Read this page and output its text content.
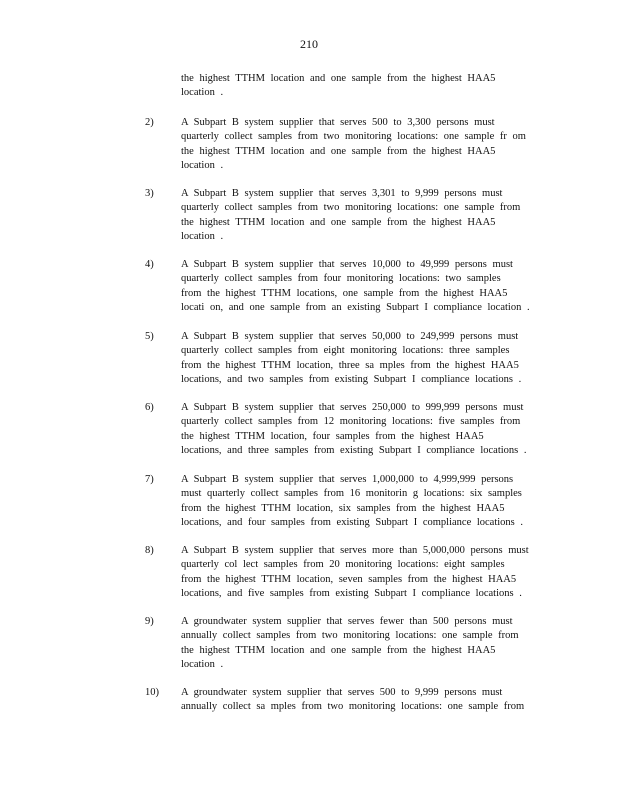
210
the highest TTHM location and one sample from the highest HAA5
location .
2)	A Subpart B system supplier that serves 500 to 3,300 persons must
quarterly collect samples from two monitoring locations: one sample fr om
the highest TTHM location and one sample from the highest HAA5
location .
3)	A Subpart B system supplier that serves 3,301 to 9,999 persons must
quarterly collect samples from two monitoring locations: one sample from
the highest TTHM location and one sample from the highest HAA5
location .
4)	A Subpart B system supplier that serves 10,000 to 49,999 persons must
quarterly collect samples from four monitoring locations: two samples
from the highest TTHM locations, one sample from the highest HAA5
locati on, and one sample from an existing Subpart I compliance location .
5)	A Subpart B system supplier that serves 50,000 to 249,999 persons must
quarterly collect samples from eight monitoring locations: three samples
from the highest TTHM location, three sa mples from the highest HAA5
locations, and two samples from existing Subpart I compliance locations .
6)	A Subpart B system supplier that serves 250,000 to 999,999 persons must
quarterly collect samples from 12 monitoring locations: five samples from
the highest TTHM location, four samples from the highest HAA5
locations, and three samples from existing Subpart I compliance locations .
7)	A Subpart B system supplier that serves 1,000,000 to 4,999,999 persons
must quarterly collect samples from 16 monitorin g locations: six samples
from the highest TTHM location, six samples from the highest HAA5
locations, and four samples from existing Subpart I compliance locations .
8)	A Subpart B system supplier that serves more than 5,000,000 persons must
quarterly col lect samples from 20 monitoring locations: eight samples
from the highest TTHM location, seven samples from the highest HAA5
locations, and five samples from existing Subpart I compliance locations .
9)	A groundwater system supplier that serves fewer than 500 persons must
annually collect samples from two monitoring locations: one sample from
the highest TTHM location and one sample from the highest HAA5
location .
10) A groundwater system supplier that serves 500 to 9,999 persons must
annually collect sa mples from two monitoring locations: one sample from
